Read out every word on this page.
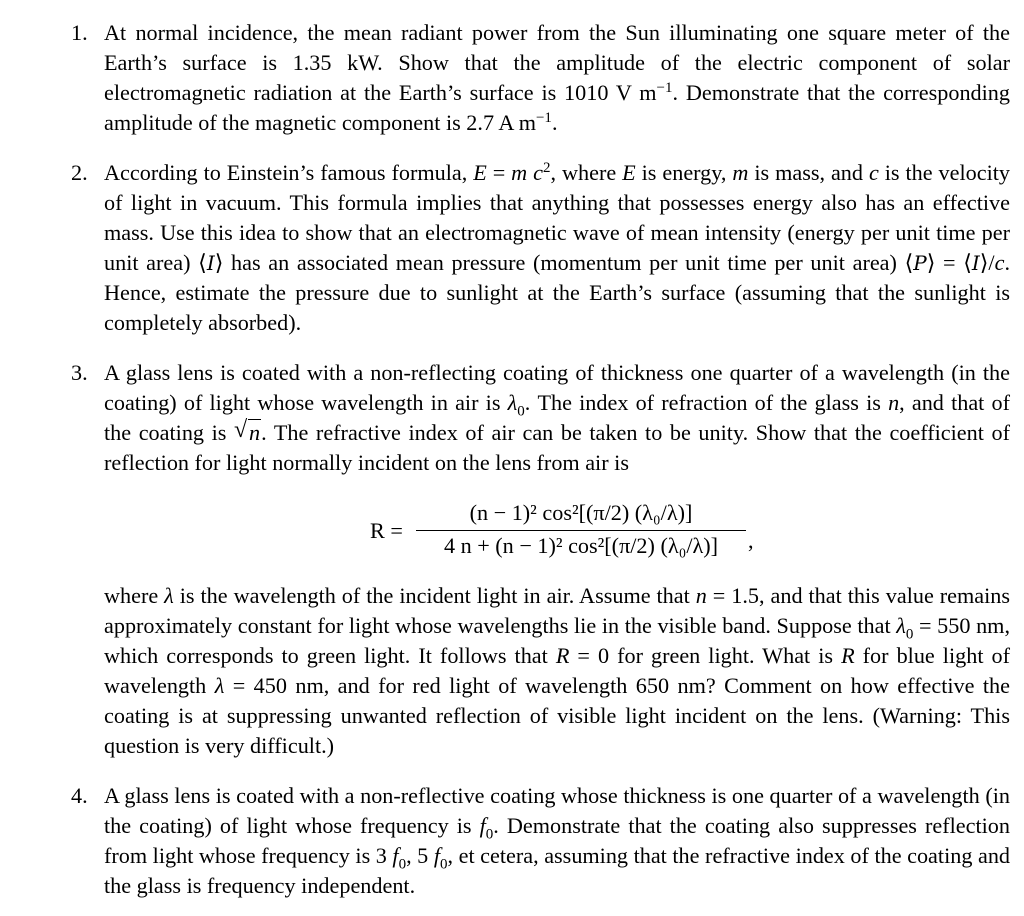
1. At normal incidence, the mean radiant power from the Sun illuminating one square meter of the Earth’s surface is 1.35 kW. Show that the amplitude of the electric component of solar electromagnetic radiation at the Earth’s surface is 1010 V $m^{-1}$. Demonstrate that the corresponding amplitude of the magnetic component is 2.7 A $m^{-1}$.

2. According to Einstein’s famous formula, E = m $c^2$, where E is energy, m is mass, and c is the velocity of light in vacuum. This formula implies that anything that possesses energy also has an effective mass. Use this idea to show that an electromagnetic wave of mean intensity (energy per unit time per unit area) ⟨I⟩ has an associated mean pressure (momentum per unit time per unit area) ⟨P⟩ = ⟨I⟩/c. Hence, estimate the pressure due to sunlight at the Earth’s surface (assuming that the sunlight is completely absorbed).

3. A glass lens is coated with a non-reflecting coating of thickness one quarter of a wavelength (in the coating) of light whose wavelength in air is $\lambda_0$. The index of refraction of the glass is n, and that of the coating is √ n. The refractive index of air can be taken to be unity. Show that the coefficient of reflection for light normally incident on the lens from air is

R =
(n − 1)² cos²[(π/2) (λ₀/λ)]
4 n + (n − 1)² cos²[(π/2) (λ₀/λ)]	,

where λ is the wavelength of the incident light in air. Assume that n = 1.5, and that this value remains approximately constant for light whose wavelengths lie in the visible band. Suppose that $\lambda_0 = 550$ nm, which corresponds to green light. It follows that R = 0 for green light. What is R for blue light of wavelength λ = 450 nm, and for red light of wavelength 650 nm? Comment on how effective the coating is at suppressing unwanted reflection of visible light incident on the lens. (Warning: This question is very difficult.)

4. A glass lens is coated with a non-reflective coating whose thickness is one quarter of a wavelength (in the coating) of light whose frequency is $f_0$. Demonstrate that the coating also suppresses reflection from light whose frequency is 3 $f_0$, 5 $f_0$, et cetera, assuming that the refractive index of the coating and the glass is frequency independent.
